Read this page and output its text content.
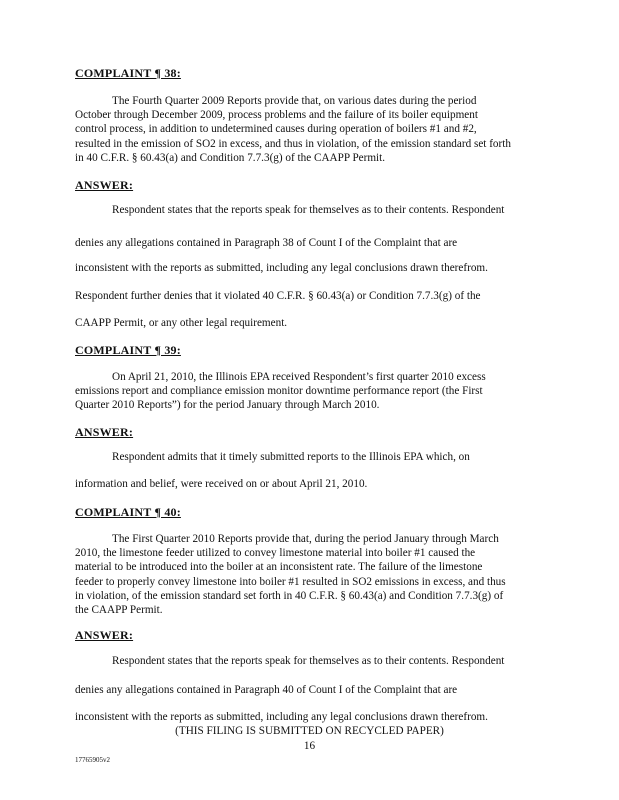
COMPLAINT ¶ 38:
The Fourth Quarter 2009 Reports provide that, on various dates during the period
October through December 2009, process problems and the failure of its boiler equipment
control process, in addition to undetermined causes during operation of boilers #1 and #2,
resulted in the emission of SO2 in excess, and thus in violation, of the emission standard set forth
in 40 C.F.R. § 60.43(a) and Condition 7.7.3(g) of the CAAPP Permit.
ANSWER:
Respondent states that the reports speak for themselves as to their contents. Respondent
denies any allegations contained in Paragraph 38 of Count I of the Complaint that are
inconsistent with the reports as submitted, including any legal conclusions drawn therefrom.
Respondent further denies that it violated 40 C.F.R. § 60.43(a) or Condition 7.7.3(g) of the
CAAPP Permit, or any other legal requirement.
COMPLAINT ¶ 39:
On April 21, 2010, the Illinois EPA received Respondent’s first quarter 2010 excess
emissions report and compliance emission monitor downtime performance report (the First
Quarter 2010 Reports”) for the period January through March 2010.
ANSWER:
Respondent admits that it timely submitted reports to the Illinois EPA which, on
information and belief, were received on or about April 21, 2010.
COMPLAINT ¶ 40:
The First Quarter 2010 Reports provide that, during the period January through March
2010, the limestone feeder utilized to convey limestone material into boiler #1 caused the
material to be introduced into the boiler at an inconsistent rate. The failure of the limestone
feeder to properly convey limestone into boiler #1 resulted in SO2 emissions in excess, and thus
in violation, of the emission standard set forth in 40 C.F.R. § 60.43(a) and Condition 7.7.3(g) of
the CAAPP Permit.
ANSWER:
Respondent states that the reports speak for themselves as to their contents. Respondent
denies any allegations contained in Paragraph 40 of Count I of the Complaint that are
inconsistent with the reports as submitted, including any legal conclusions drawn therefrom.
(THIS FILING IS SUBMITTED ON RECYCLED PAPER)
16
17765905v2
